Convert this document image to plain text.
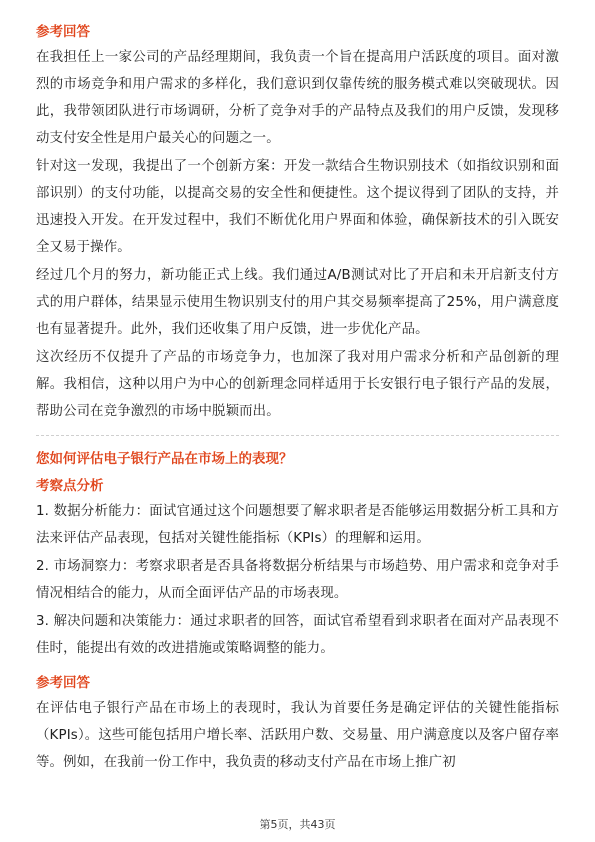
参考回答
在我担任上一家公司的产品经理期间，我负责一个旨在提高用户活跃度的项目。面对激烈的市场竞争和用户需求的多样化，我们意识到仅靠传统的服务模式难以突破现状。因此，我带领团队进行市场调研，分析了竞争对手的产品特点及我们的用户反馈，发现移动支付安全性是用户最关心的问题之一。
针对这一发现，我提出了一个创新方案：开发一款结合生物识别技术（如指纹识别和面部识别）的支付功能，以提高交易的安全性和便捷性。这个提议得到了团队的支持，并迅速投入开发。在开发过程中，我们不断优化用户界面和体验，确保新技术的引入既安全又易于操作。
经过几个月的努力，新功能正式上线。我们通过A/B测试对比了开启和未开启新支付方式的用户群体，结果显示使用生物识别支付的用户其交易频率提高了25%，用户满意度也有显著提升。此外，我们还收集了用户反馈，进一步优化产品。
这次经历不仅提升了产品的市场竞争力，也加深了我对用户需求分析和产品创新的理解。我相信，这种以用户为中心的创新理念同样适用于长安银行电子银行产品的发展，帮助公司在竞争激烈的市场中脱颖而出。
您如何评估电子银行产品在市场上的表现？
考察点分析
1. 数据分析能力：面试官通过这个问题想要了解求职者是否能够运用数据分析工具和方法来评估产品表现，包括对关键性能指标（KPIs）的理解和运用。
2. 市场洞察力：考察求职者是否具备将数据分析结果与市场趋势、用户需求和竞争对手情况相结合的能力，从而全面评估产品的市场表现。
3. 解决问题和决策能力：通过求职者的回答，面试官希望看到求职者在面对产品表现不佳时，能提出有效的改进措施或策略调整的能力。
参考回答
在评估电子银行产品在市场上的表现时，我认为首要任务是确定评估的关键性能指标（KPIs）。这些可能包括用户增长率、活跃用户数、交易量、用户满意度以及客户留存率等。例如，在我前一份工作中，我负责的移动支付产品在市场上推广初
第5页，共43页
